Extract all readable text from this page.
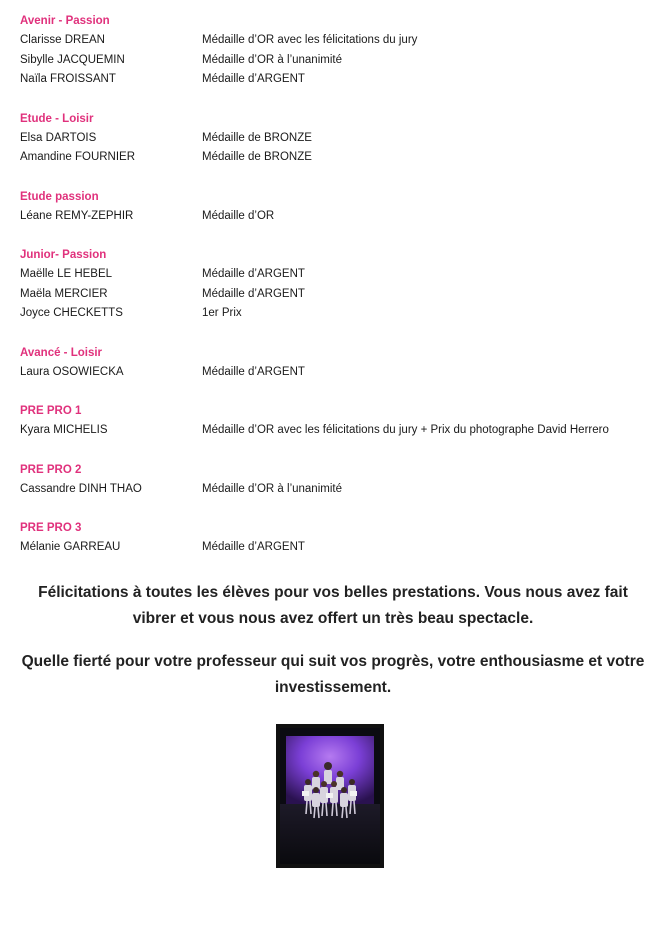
Avenir - Passion
Clarisse DREAN	Médaille d’OR avec les félicitations du jury
Sibylle JACQUEMIN	Médaille d’OR à l’unanimité
Naïla FROISSANT	Médaille d’ARGENT
Etude - Loisir
Elsa DARTOIS	Médaille de BRONZE
Amandine FOURNIER	Médaille de BRONZE
Etude passion
Léane REMY-ZEPHIR	Médaille d’OR
Junior- Passion
Maëlle LE HEBEL	Médaille d’ARGENT
Maëla MERCIER	Médaille d’ARGENT
Joyce CHECKETTS	1er Prix
Avancé - Loisir
Laura OSOWIECKA	Médaille d’ARGENT
PRE PRO 1
Kyara MICHELIS	Médaille d’OR avec les félicitations du jury + Prix du photographe David Herrero
PRE PRO 2
Cassandre DINH THAO	Médaille d’OR à l’unanimité
PRE PRO 3
Mélanie GARREAU	Médaille d’ARGENT

Félicitations à toutes les élèves pour vos belles prestations. Vous nous avez fait vibrer et vous nous avez offert un très beau spectacle.

Quelle fierté pour votre professeur qui suit vos progrès, votre enthousiasme et votre investissement.
